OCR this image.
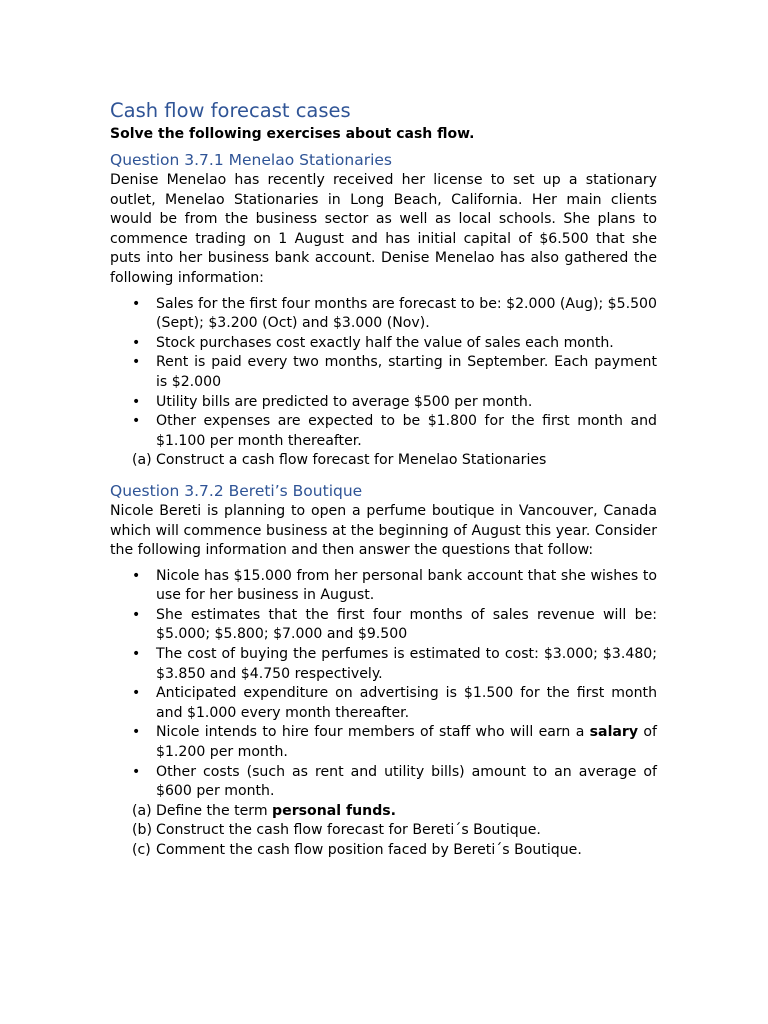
Cash flow forecast cases

Solve the following exercises about cash flow.

Question 3.7.1 Menelao Stationaries

Denise Menelao has recently received her license to set up a stationary outlet, Menelao Stationaries in Long Beach, California. Her main clients would be from the business sector as well as local schools. She plans to commence trading on 1 August and has initial capital of $6.500 that she puts into her business bank account. Denise Menelao has also gathered the following information:

• Sales for the first four months are forecast to be: $2.000 (Aug); $5.500 (Sept); $3.200 (Oct) and $3.000 (Nov).
• Stock purchases cost exactly half the value of sales each month.
• Rent is paid every two months, starting in September. Each payment is $2.000
• Utility bills are predicted to average $500 per month.
• Other expenses are expected to be $1.800 for the first month and $1.100 per month thereafter.
(a) Construct a cash flow forecast for Menelao Stationaries
Question 3.7.2 Bereti’s Boutique

Nicole Bereti is planning to open a perfume boutique in Vancouver, Canada which will commence business at the beginning of August this year. Consider the following information and then answer the questions that follow:

• Nicole has $15.000 from her personal bank account that she wishes to use for her business in August.
• She estimates that the first four months of sales revenue will be: $5.000; $5.800; $7.000 and $9.500
• The cost of buying the perfumes is estimated to cost: $3.000; $3.480; $3.850 and $4.750 respectively.
• Anticipated expenditure on advertising is $1.500 for the first month and $1.000 every month thereafter.
• Nicole intends to hire four members of staff who will earn a salary of $1.200 per month.
• Other costs (such as rent and utility bills) amount to an average of $600 per month.
(a) Define the term personal funds.
(b) Construct the cash flow forecast for Bereti´s Boutique.
(c) Comment the cash flow position faced by Bereti´s Boutique.
